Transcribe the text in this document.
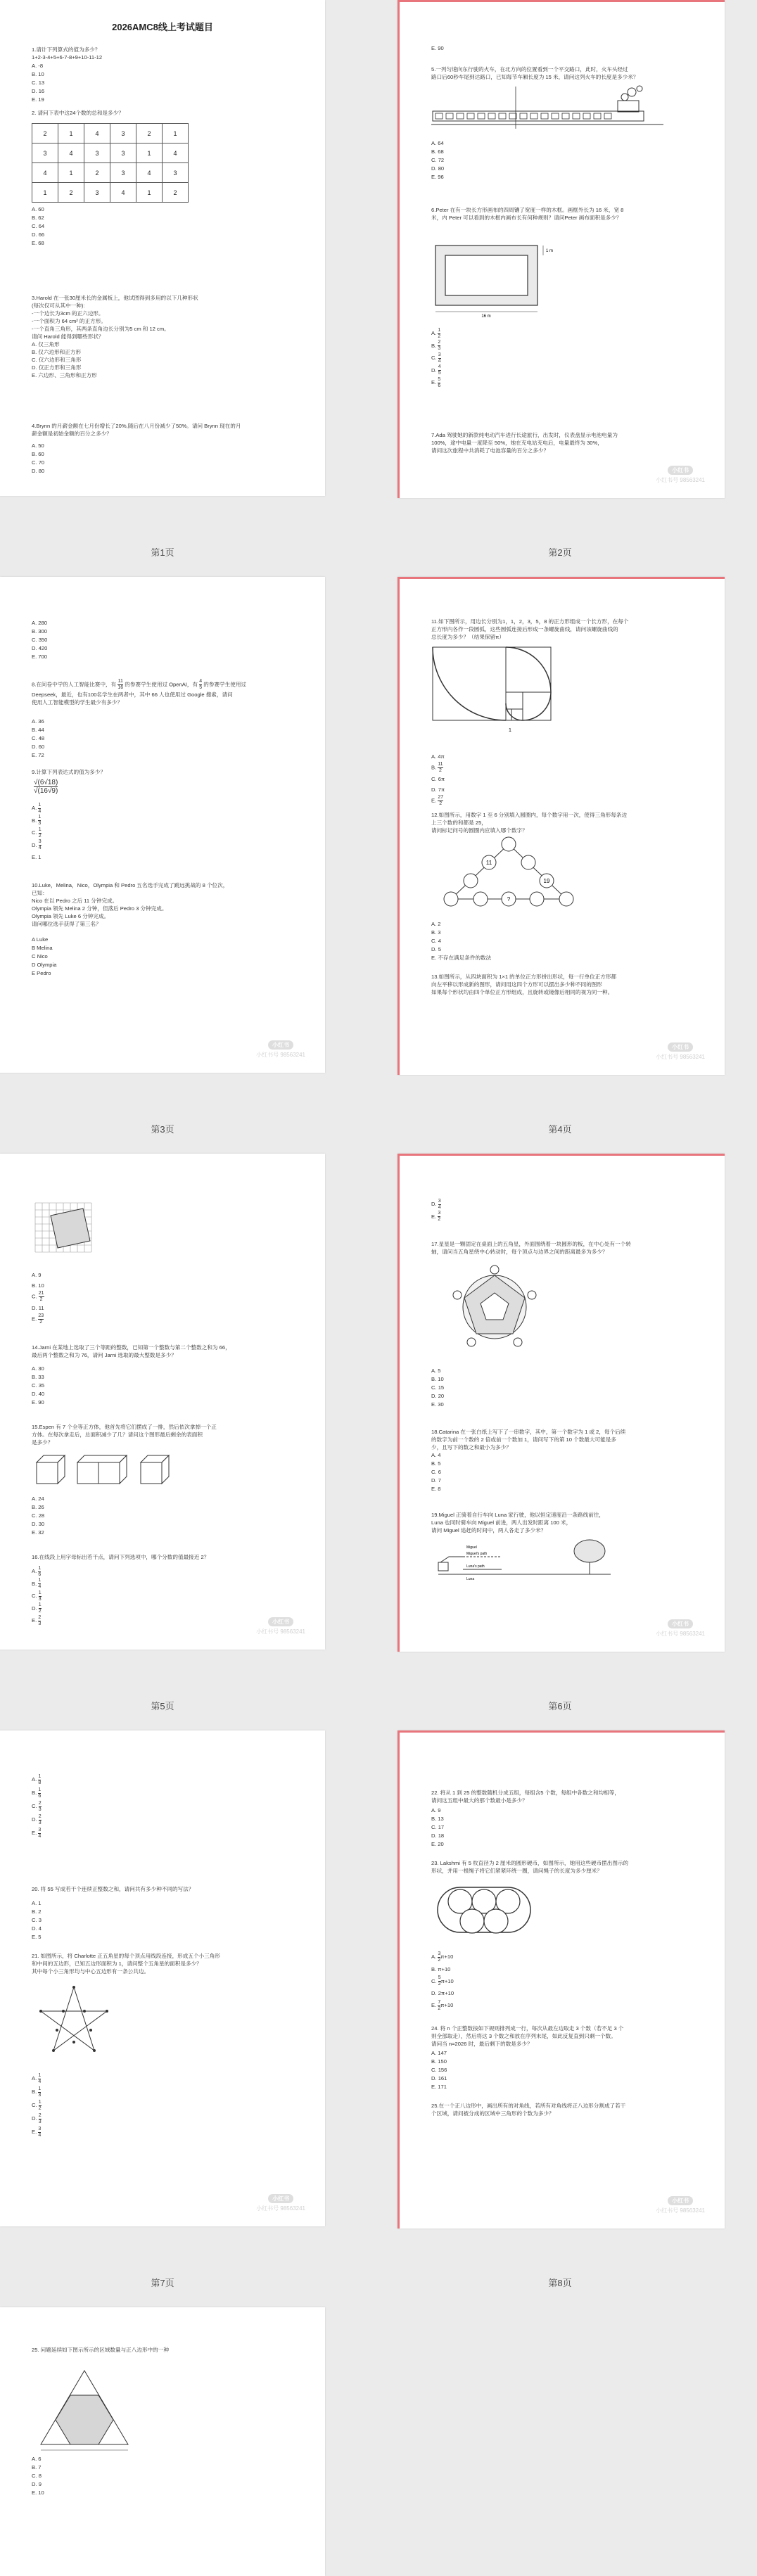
2026AMC8线上考试题目
1.请计下列算式的值为多少？
1+2-3-4+5+6-7-8+9+10-11-12
A. -8
B. 10
C. 13
D. 16
E. 19
2. 请问下表中这24个数的总和是多少？
2	1	4	3	2	1
3	4	3	3	1	4
4	1	2	3	4	3
1	2	3	4	1	2
A. 60
B. 62
C. 64
D. 66
E. 68
3.Harold 在一张30厘米长的金属板上，他试图得到多用的以下几种形状
(每次仅可从其中一种):
-一个边长为3cm 的正六边形。
-一个面积为 64 cm² 的正方形。
-一个直角三角形，其两条直角边长分别为5 cm 和 12 cm。
请问 Harold 能得到哪些形状？
A. 仅三角形
B. 仅六边形和正方形
C. 仅六边形和三角形
D. 仅正方形和三角形
E. 六边形、三角形和正方形
4.Brynn 的月薪金额在七月份增长了20%,随后在八月份减少了50%。请问 Brynn 现在的月
薪金额是初始金额的百分之多少？
A. 50
B. 60
C. 70
D. 80
第1页
E. 90
5.一列匀速向东行驶的火车，在北方向的位置看到一个平交路口，此时，火车头经过
路口后60秒车尾到达路口，已知每节车厢长度为 15 米，请问这列火车的长度是多少米？
A. 64
B. 68
C. 72
D. 80
E. 96
6.Peter 在有一块长方形画布的四周镶了宽度一样的木框。画框外长为 16 米，宽 8
米，内 Peter 可以看到的木框内画布长有何种规则？请问Peter 画布面积是多少？
16 m
1 m
A. $\frac{1}{2}$
B. $\frac{2}{3}$
C. $\frac{3}{4}$
D. $\frac{4}{5}$
E. $\frac{5}{6}$
7.Ada 驾驶她的新款纯电动汽车进行长途旅行，出发时，仪表盘显示电池电量为
100%，途中电量一度降至 50%，她在充电站充电后，电量最终为 30%，
请问这次旅程中共消耗了电池容量的百分之多少？
小红书
小红书号 98563241
第2页
A. 280
B. 300
C. 350
D. 420
E. 700
8.在问卷中学的人工智能比赛中，有 $\frac{11}{16}$ 的参赛学生使用过 OpenAI，有 $\frac{4}{5}$ 的参赛学生使用过
Deepseek，最近，也有100名学生在两者中，其中 66 人也使用过 Google 搜索，请问
使用人工智能模型的学生最少有多少？
A. 36
B. 44
C. 48
D. 60
E. 72
9.计算下列表达式的值为多少？
√(6√18)
√(16√9)
A. $\frac{1}{4}$
B. $\frac{1}{3}$
C. $\frac{1}{2}$
D. $\frac{3}{4}$
E. 1
10.Luke，Melina，Nico，Olympia 和 Pedro 五名选手完成了跳远挑战的 8 个位次，
已知：
Nico 在以 Pedro 之后 11 分钟完成。
Olympia 领先 Melina 2 分钟，但落后 Pedro 3 分钟完成。
Olympia 领先 Luke 6 分钟完成。
请问哪位选手获得了第三名？
A Luke
B Melina
C Nico
D Olympia
E Pedro
小红书
小红书号 98563241
第3页
11.如下图所示，用边长分别为1，1，2，3，5，8 的正方形组成一个长方形，在每个
正方形内各作一段圆弧，这些圆弧连接后形成一条螺旋曲线，请问该螺旋曲线的
总长度为多少？（结果保留π）
1
A. 4π
B. $\frac{11}{2}$
C. 6π
D. 7π
E. $\frac{27}{2}$
12.如图所示，用数字 1 至 6 分别填入圆圈内，每个数字用一次，使得三角形每条边
上三个数的和都是 25，
请问标记问号的圆圈内应填入哪个数字？
11
19
?
A. 2
B. 3
C. 4
D. 5
E. 不存在满足条件的数法
13.如图所示，从四块面积为 1×1 的单位正方形拼出形状，每一行单位正方形都
向左平移以形成新的图形，请问用这四个方形可以摆出多少种不同的图形
如果每个形状均由四个单位正方形组成，且旋转或镜像后相同的视为同一种。
小红书
小红书号 98563241
第4页
A. 9
B. 10
C. $\frac{21}{2}$
D. 11
E. $\frac{23}{2}$
14.Jarni 在某地上选取了三个等距的整数，已知第一个整数与第二个整数之和为 66，
最后两个整数之和为 76，请问 Jarni 选取的最大整数是多少？
A. 30
B. 33
C. 35
D. 40
E. 90
15.Espen 有 7 个全等正方体，他首先将它们摆成了一排，然后依次拿掉一个正
方体。在每次拿走后，总面积减少了几？请问这个图形最后剩余的表面积
是多少？
A. 24
B. 26
C. 28
D. 30
E. 32
16.在线段上用字母标出若干点，请问下列选项中，哪个分数的值最接近 2？
A. $\frac{1}{6}$
B. $\frac{1}{4}$
C. $\frac{1}{3}$
D. $\frac{1}{2}$
E. $\frac{2}{3}$	小红书
小红书号 98563241
第5页
D. $\frac{3}{4}$
E. $\frac{3}{2}$
17.星星是一颗固定在桌面上的五角星，外面围绕着一块圆形的板，在中心处有一个转
轴，请问当五角星绕中心转动时，每个顶点与边界之间的距离最多为多少？
A. 5
B. 10
C. 15
D. 20
E. 30
18.Catarina 在一张白纸上写下了一串数字，其中，第一个数字为 1 或 2，每个后续
的数字为前一个数的 2 倍或前一个数加 1，请问写下的第 10 个数最大可能是多
少，且写下的数之和最小为多少？
A. 4
B. 5
C. 6
D. 7
E. 8
19.Miguel 正骑着自行车向 Luna 家行驶，他以恒定速度沿一条路线前往，
Luna 也同时骑车向 Miguel 前进，两人出发时距离 100 米，
请问 Miguel 追赶的时间中，两人各走了多少米？
Miguel's path
Luna's path
Miguel
Luna
小红书
小红书号 98563241
第6页
A. $\frac{1}{8}$
B. $\frac{1}{6}$
C. $\frac{2}{3}$
D. $\frac{2}{3}$
E. $\frac{3}{4}$
20. 将 55 写成若干个连续正整数之和，请问共有多少种不同的写法？
A. 1
B. 2
C. 3
D. 4
E. 5
21. 如图所示，将 Charlotte 正五角星的每个顶点用线段连接，形成五个小三角形
和中间的五边形，已知五边形面积为 1，请问整个五角星的面积是多少？
其中每个小三角形均与中心五边形有一条公共边。
A. $\frac{1}{4}$
B. $\frac{1}{3}$
C. $\frac{1}{2}$
D. $\frac{2}{3}$
E. $\frac{3}{4}$
小红书
小红书号 98563241
第7页
22. 将从 1 到 25 的整数随机分成五组，每组含5 个数，每组中各数之和均相等，
请问这五组中最大的那个数最小是多少？
A. 9
B. 13
C. 17
D. 18
E. 20
23. Lakshmi 有 5 枚直径为 2 厘米的圆形硬币，如图所示，她用这些硬币摆出图示的
形状，并用一根绳子将它们紧紧环绕一圈，请问绳子的长度为多少厘米？
A. $\frac{3}{2} \pi+10$
B. π+10
C. $\frac{5}{2} \pi+10$
D. 2π+10
E. $\frac{7}{2} \pi+10$
24. 将 n 个正整数按如下规则排列成一行，每次从最左边取走 3 个数（若不足 3 个
则全部取走），然后将这 3 个数之和放在序列末尾，如此反复直到只剩一个数。
请问当 n=2026 时，最后剩下的数是多少？
A. 147
B. 150
C. 156
D. 161
E. 171
25.在一个正八边形中，画出所有的对角线，若所有对角线将正八边形分割成了若干
个区域，请问被分成的区域中三角形的个数为多少？
小红书
小红书号 98563241
第8页
25. 问题延续如下图示所示的区域数量与正八边形中的一种
A. 6
B. 7
C. 8
D. 9
E. 10
